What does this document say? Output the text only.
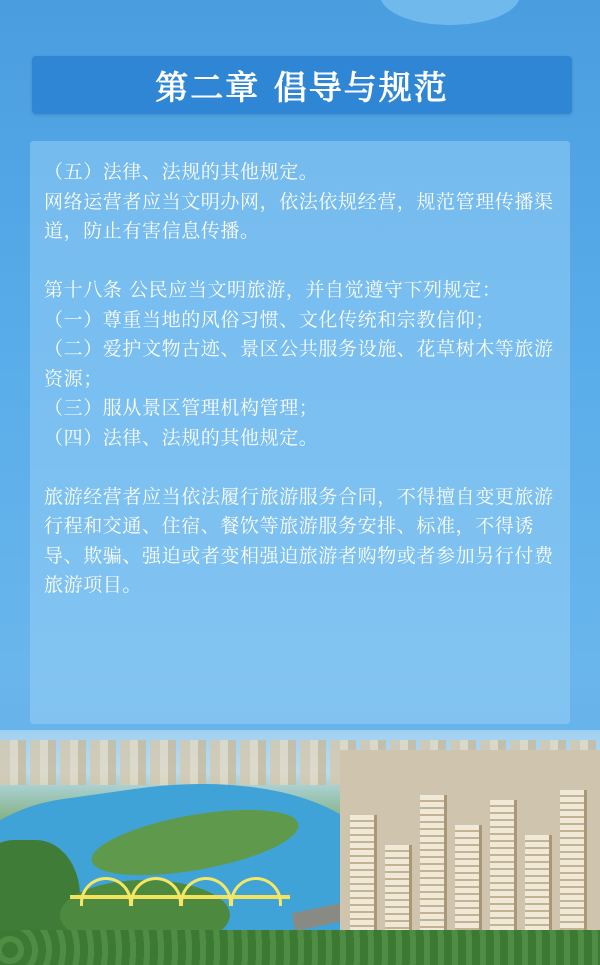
第二章 倡导与规范

（五）法律、法规的其他规定。

网络运营者应当文明办网，依法依规经营，规范管理传播渠道，防止有害信息传播。

第十八条 公民应当文明旅游，并自觉遵守下列规定：

（一）尊重当地的风俗习惯、文化传统和宗教信仰；

（二）爱护文物古迹、景区公共服务设施、花草树木等旅游资源；

（三）服从景区管理机构管理；

（四）法律、法规的其他规定。

旅游经营者应当依法履行旅游服务合同，不得擅自变更旅游行程和交通、住宿、餐饮等旅游服务安排、标准，不得诱导、欺骗、强迫或者变相强迫旅游者购物或者参加另行付费旅游项目。
